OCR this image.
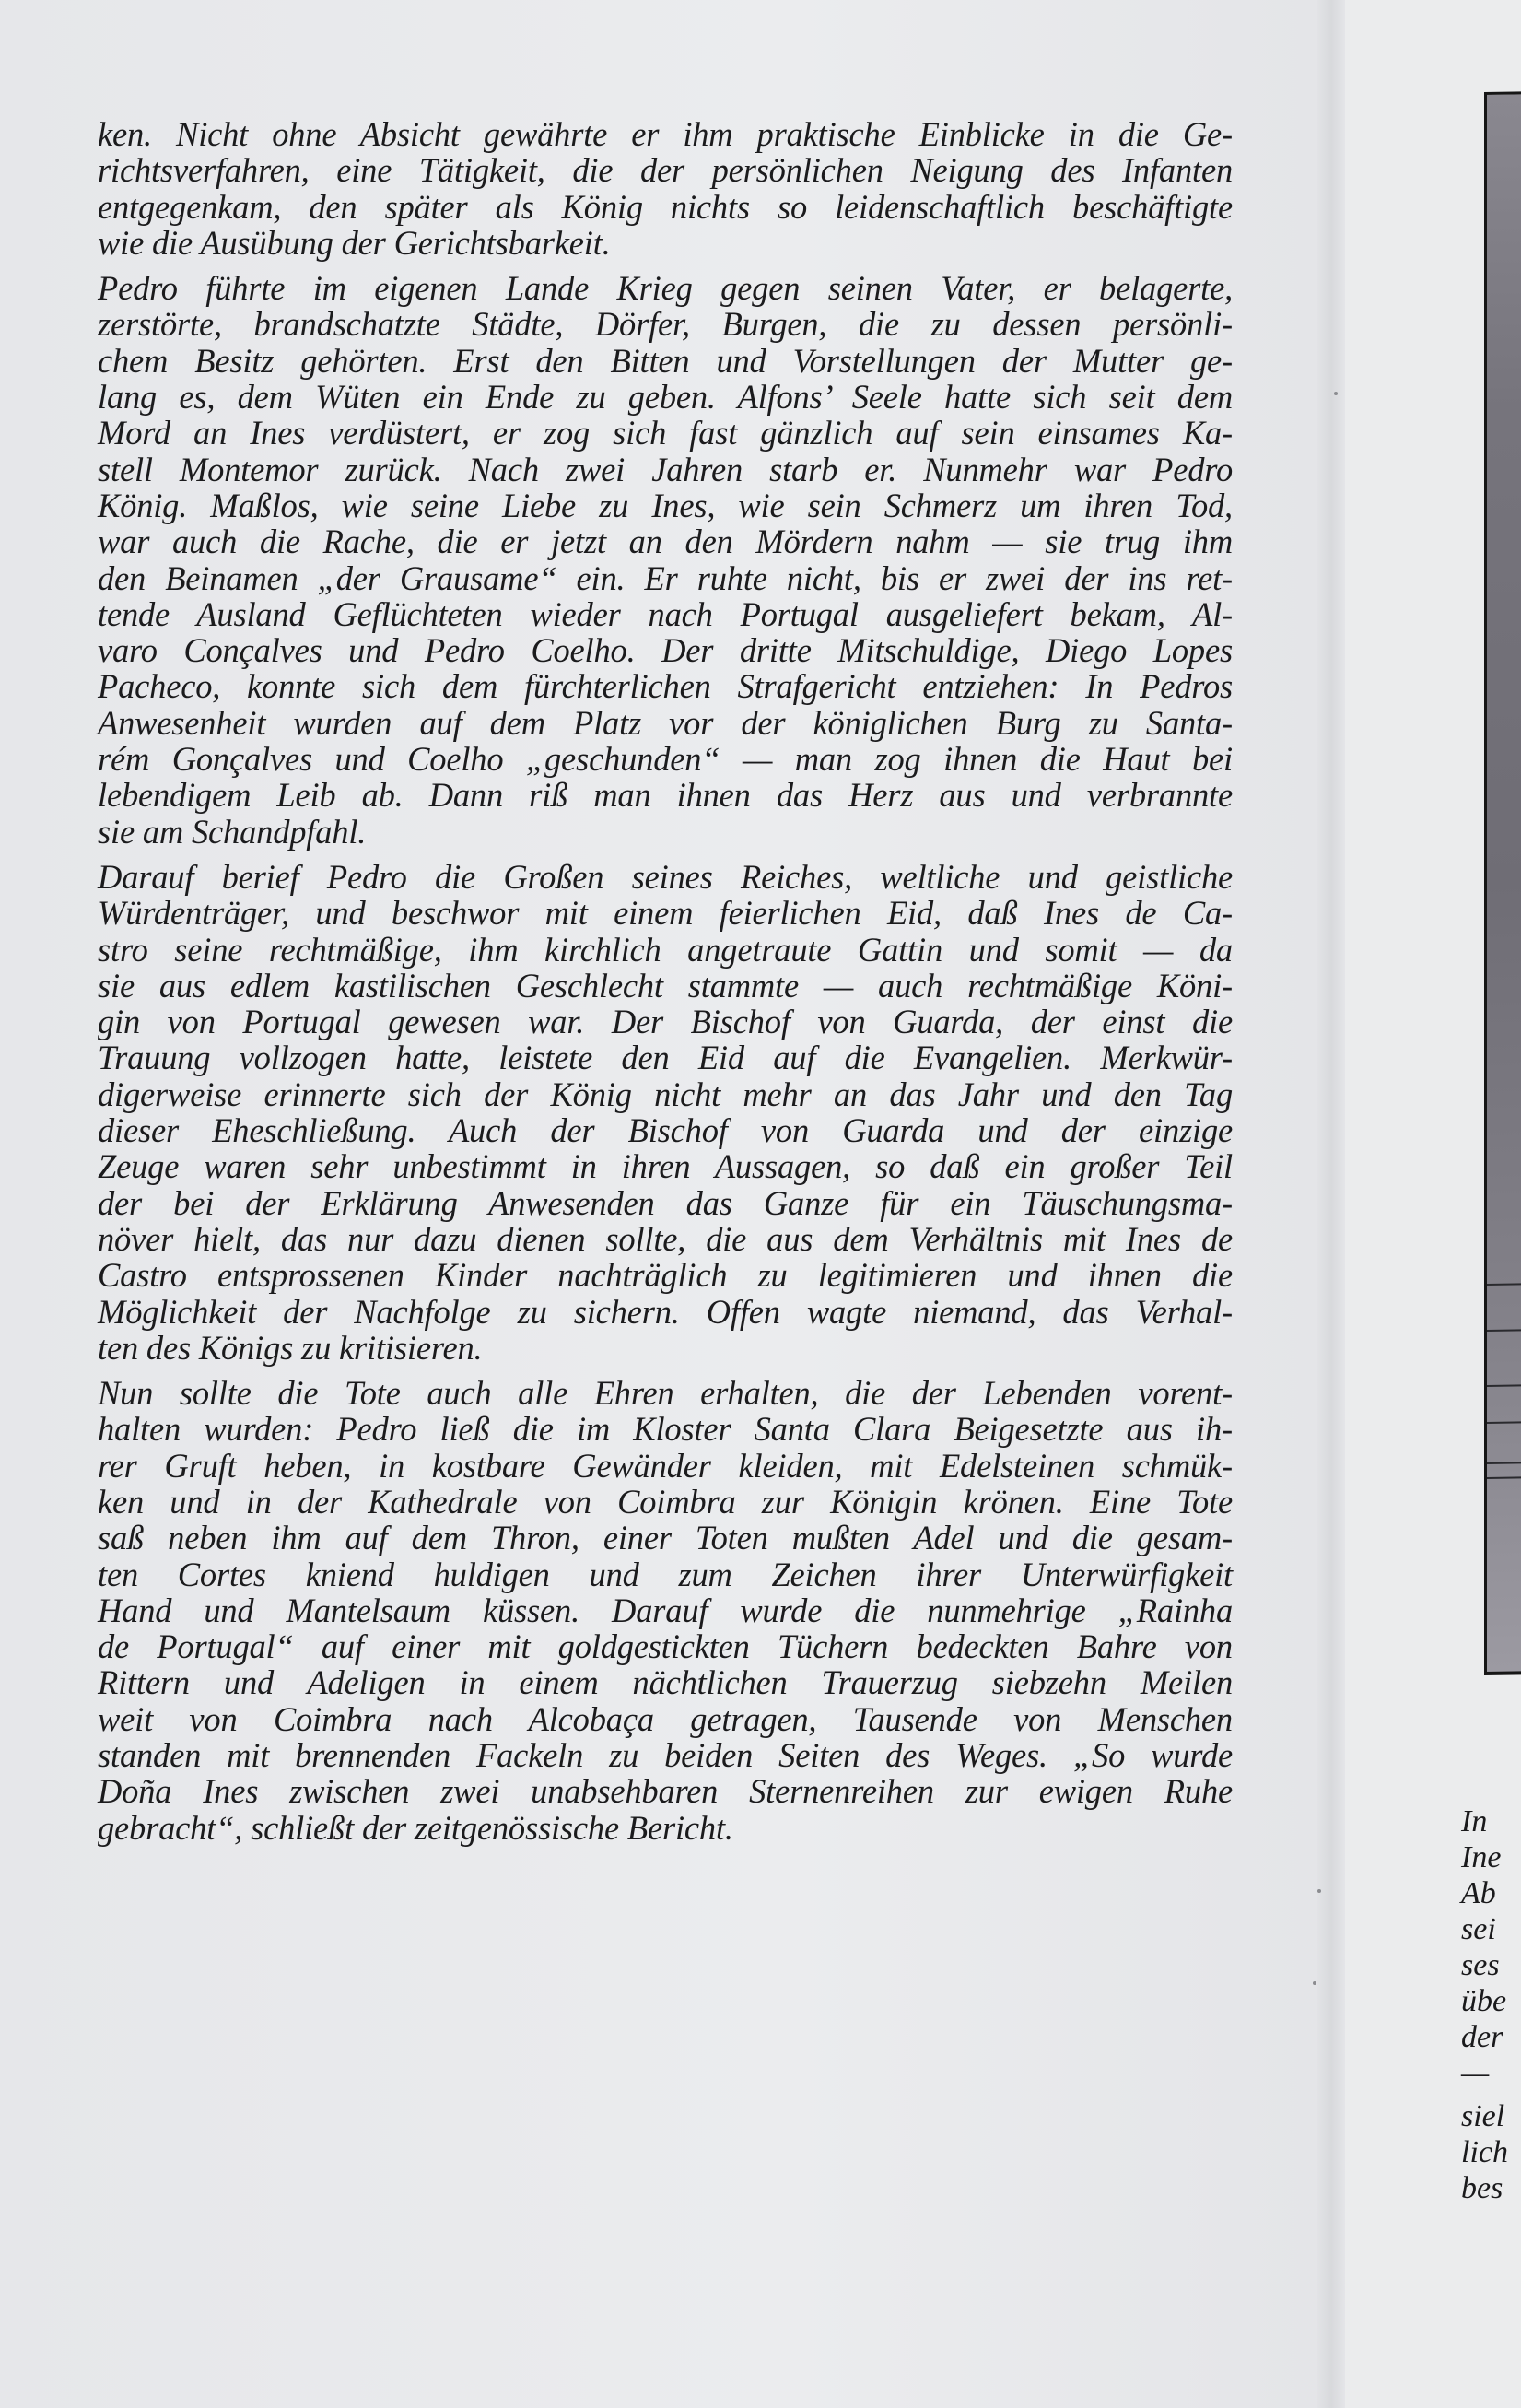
ken. Nicht ohne Absicht gewährte er ihm praktische Einblicke in die Ge-
richtsverfahren, eine Tätigkeit, die der persönlichen Neigung des Infanten
entgegenkam, den später als König nichts so leidenschaftlich beschäftigte
wie die Ausübung der Gerichtsbarkeit.
Pedro führte im eigenen Lande Krieg gegen seinen Vater, er belagerte,
zerstörte, brandschatzte Städte, Dörfer, Burgen, die zu dessen persönli-
chem Besitz gehörten. Erst den Bitten und Vorstellungen der Mutter ge-
lang es, dem Wüten ein Ende zu geben. Alfons’ Seele hatte sich seit dem
Mord an Ines verdüstert, er zog sich fast gänzlich auf sein einsames Ka-
stell Montemor zurück. Nach zwei Jahren starb er. Nunmehr war Pedro
König. Maßlos, wie seine Liebe zu Ines, wie sein Schmerz um ihren Tod,
war auch die Rache, die er jetzt an den Mördern nahm — sie trug ihm
den Beinamen „der Grausame“ ein. Er ruhte nicht, bis er zwei der ins ret-
tende Ausland Geflüchteten wieder nach Portugal ausgeliefert bekam, Al-
varo Conçalves und Pedro Coelho. Der dritte Mitschuldige, Diego Lopes
Pacheco, konnte sich dem fürchterlichen Strafgericht entziehen: In Pedros
Anwesenheit wurden auf dem Platz vor der königlichen Burg zu Santa-
rém Gonçalves und Coelho „geschunden“ — man zog ihnen die Haut bei
lebendigem Leib ab. Dann riß man ihnen das Herz aus und verbrannte
sie am Schandpfahl.
Darauf berief Pedro die Großen seines Reiches, weltliche und geistliche
Würdenträger, und beschwor mit einem feierlichen Eid, daß Ines de Ca-
stro seine rechtmäßige, ihm kirchlich angetraute Gattin und somit — da
sie aus edlem kastilischen Geschlecht stammte — auch rechtmäßige Köni-
gin von Portugal gewesen war. Der Bischof von Guarda, der einst die
Trauung vollzogen hatte, leistete den Eid auf die Evangelien. Merkwür-
digerweise erinnerte sich der König nicht mehr an das Jahr und den Tag
dieser Eheschließung. Auch der Bischof von Guarda und der einzige
Zeuge waren sehr unbestimmt in ihren Aussagen, so daß ein großer Teil
der bei der Erklärung Anwesenden das Ganze für ein Täuschungsma-
növer hielt, das nur dazu dienen sollte, die aus dem Verhältnis mit Ines de
Castro entsprossenen Kinder nachträglich zu legitimieren und ihnen die
Möglichkeit der Nachfolge zu sichern. Offen wagte niemand, das Verhal-
ten des Königs zu kritisieren.
Nun sollte die Tote auch alle Ehren erhalten, die der Lebenden vorent-
halten wurden: Pedro ließ die im Kloster Santa Clara Beigesetzte aus ih-
rer Gruft heben, in kostbare Gewänder kleiden, mit Edelsteinen schmük-
ken und in der Kathedrale von Coimbra zur Königin krönen. Eine Tote
saß neben ihm auf dem Thron, einer Toten mußten Adel und die gesam-
ten Cortes kniend huldigen und zum Zeichen ihrer Unterwürfigkeit
Hand und Mantelsaum küssen. Darauf wurde die nunmehrige „Rainha
de Portugal“ auf einer mit goldgestickten Tüchern bedeckten Bahre von
Rittern und Adeligen in einem nächtlichen Trauerzug siebzehn Meilen
weit von Coimbra nach Alcobaça getragen, Tausende von Menschen
standen mit brennenden Fackeln zu beiden Seiten des Weges. „So wurde
Doña Ines zwischen zwei unabsehbaren Sternenreihen zur ewigen Ruhe
gebracht“, schließt der zeitgenössische Bericht.	In
Ine
Ab
sei
ses
übe
der
—
siel
lich
bes
